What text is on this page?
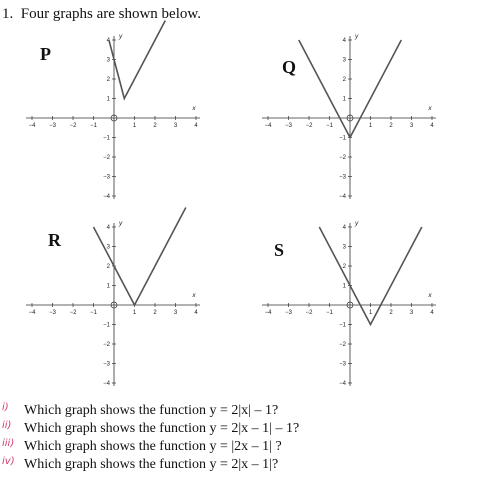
1. Four graphs are shown below.
P
−4 −3 −2 −1	1	2	3	4
−4
−3
−2
−1
1
2
3
4
x
y
Q
−4 −3 −2 −1	1	2	3	4
−4
−3
−2
−1
1
2
3
4
x
y
R
−4 −3 −2 −1	1	2	3	4
−4
−3
−2
−1
1
2
3
4
x
y
S
−4 −3 −2 −1	1	2	3	4
−4
−3
−2
−1
1
2
3
4
x
y
i) Which graph shows the function y = 2|x| – 1?
ii) Which graph shows the function y = 2|x – 1| – 1?
iii) Which graph shows the function y = |2x – 1| ?
iv) Which graph shows the function y = 2|x – 1|?
